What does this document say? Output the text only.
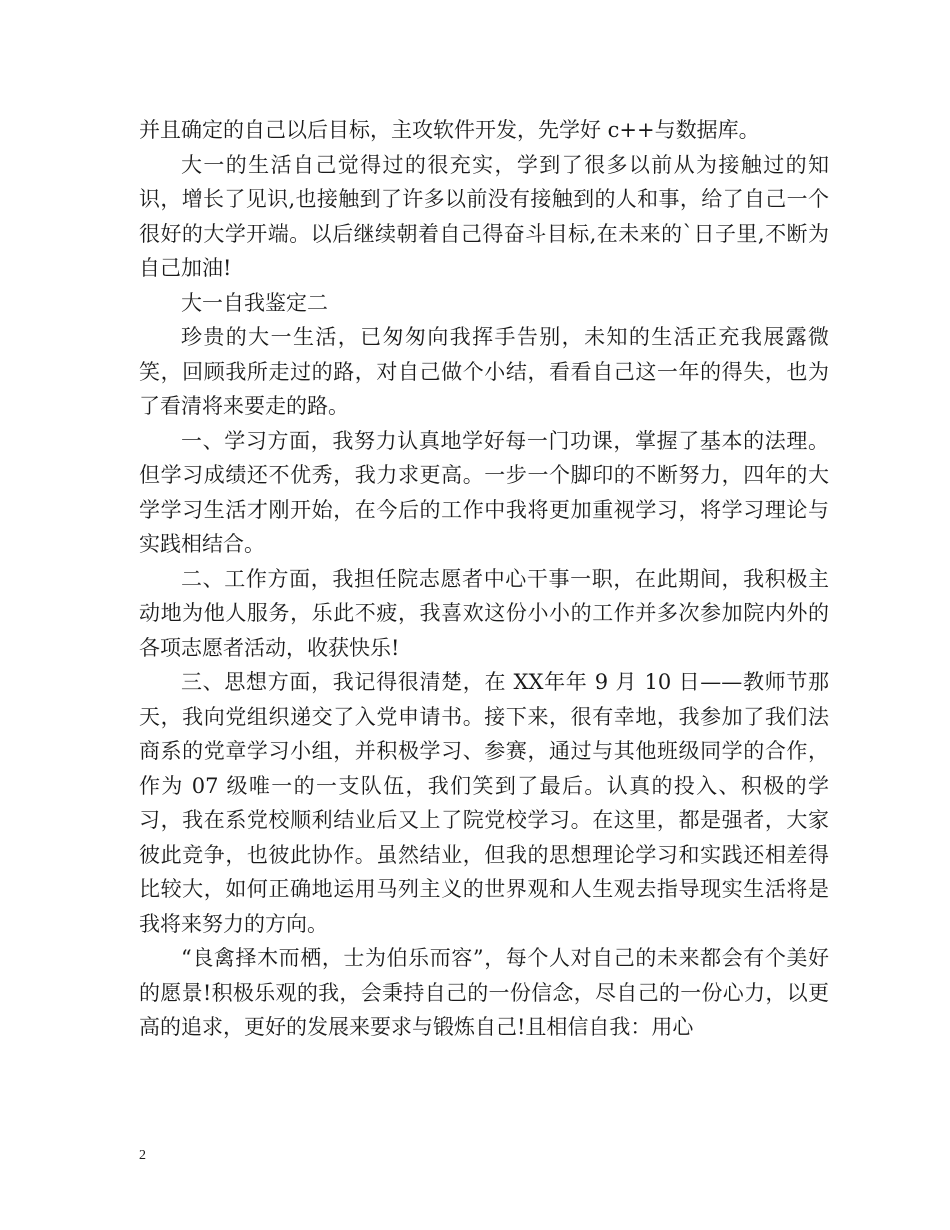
并且确定的自己以后目标，主攻软件开发，先学好 c++与数据库。

大一的生活自己觉得过的很充实，学到了很多以前从为接触过的知识，增长了见识,也接触到了许多以前没有接触到的人和事，给了自己一个很好的大学开端。以后继续朝着自己得奋斗目标,在未来的`日子里,不断为自己加油!

大一自我鉴定二

珍贵的大一生活，已匆匆向我挥手告别，未知的生活正充我展露微笑，回顾我所走过的路，对自己做个小结，看看自己这一年的得失，也为了看清将来要走的路。

一、学习方面，我努力认真地学好每一门功课，掌握了基本的法理。但学习成绩还不优秀，我力求更高。一步一个脚印的不断努力，四年的大学学习生活才刚开始，在今后的工作中我将更加重视学习，将学习理论与实践相结合。

二、工作方面，我担任院志愿者中心干事一职，在此期间，我积极主动地为他人服务，乐此不疲，我喜欢这份小小的工作并多次参加院内外的各项志愿者活动，收获快乐!

三、思想方面，我记得很清楚，在 XX年年 9 月 10 日——教师节那天，我向党组织递交了入党申请书。接下来，很有幸地，我参加了我们法商系的党章学习小组，并积极学习、参赛，通过与其他班级同学的合作，作为 07 级唯一的一支队伍，我们笑到了最后。认真的投入、积极的学习，我在系党校顺利结业后又上了院党校学习。在这里，都是强者，大家彼此竞争，也彼此协作。虽然结业，但我的思想理论学习和实践还相差得比较大，如何正确地运用马列主义的世界观和人生观去指导现实生活将是我将来努力的方向。

“良禽择木而栖，士为伯乐而容”，每个人对自己的未来都会有个美好的愿景!积极乐观的我，会秉持自己的一份信念，尽自己的一份心力，以更高的追求，更好的发展来要求与锻炼自己!且相信自我：用心

2
